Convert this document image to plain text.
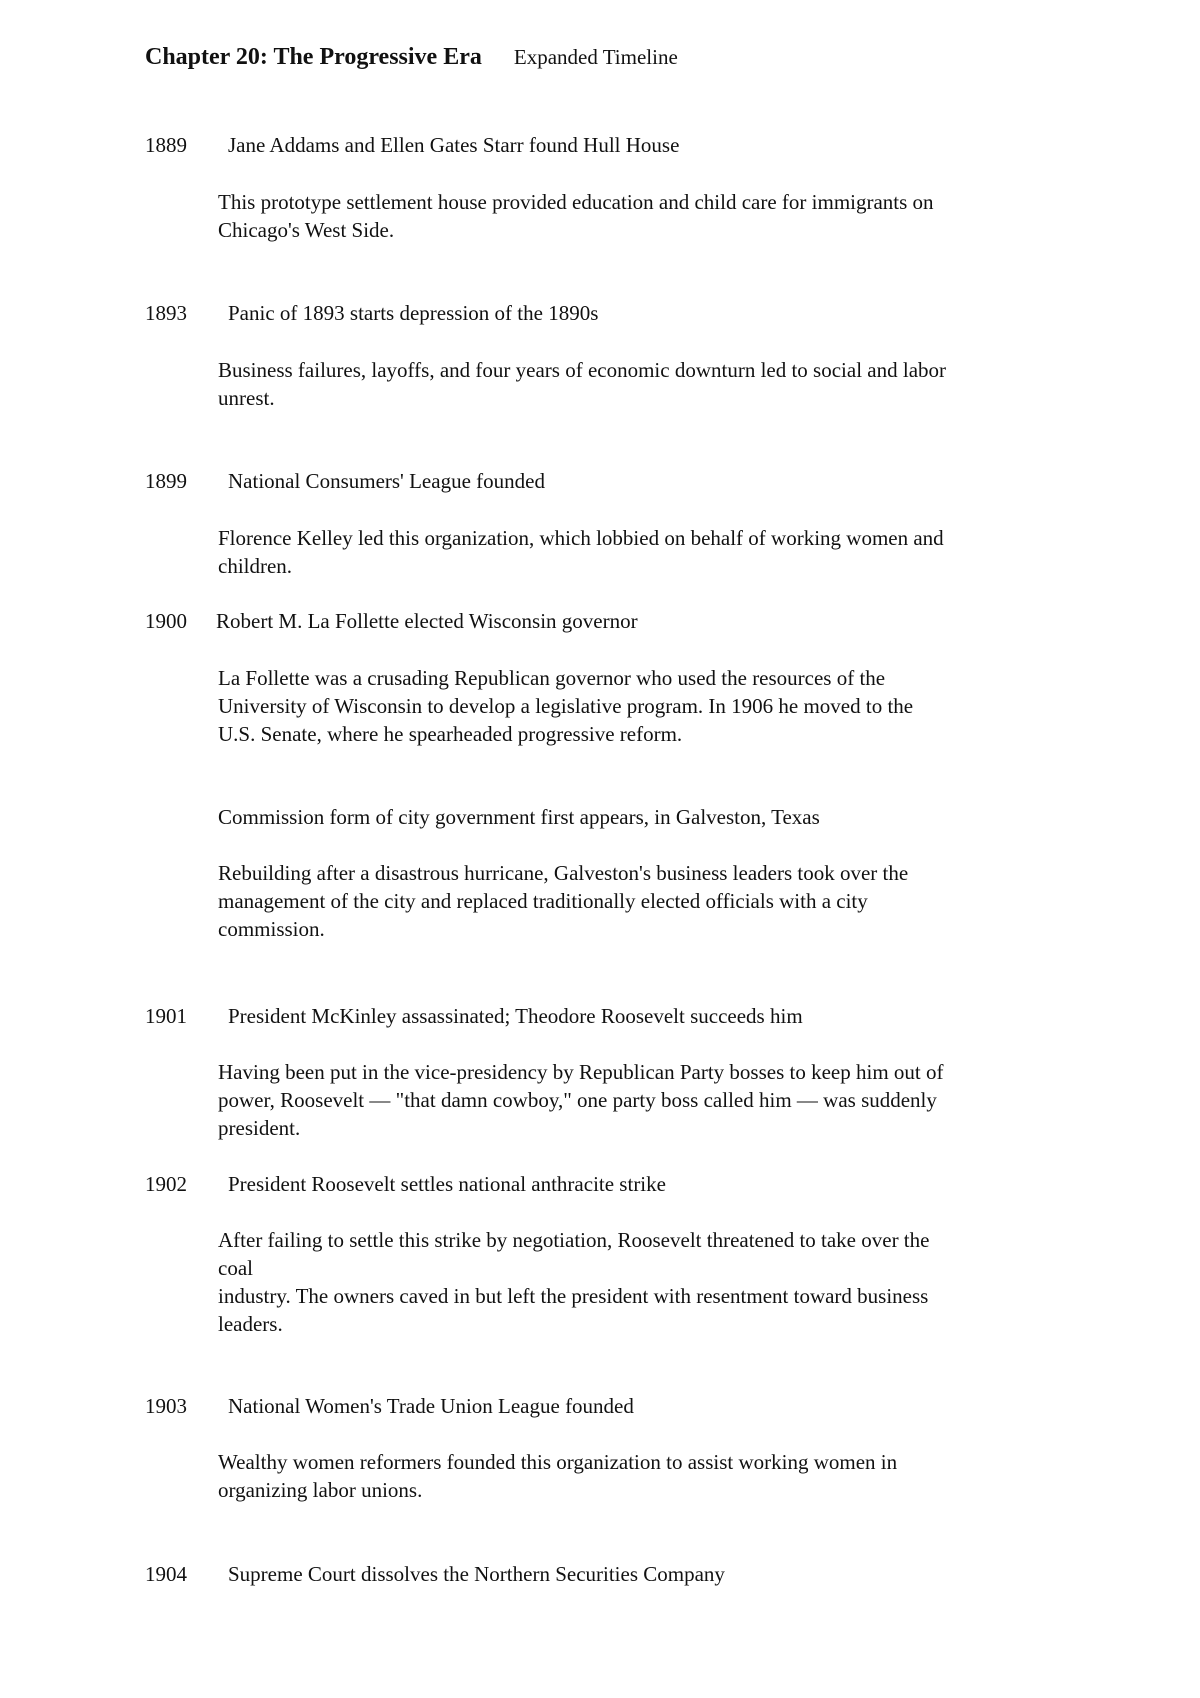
Chapter 20: The Progressive Era Expanded Timeline
1889 Jane Addams and Ellen Gates Starr found Hull House
This prototype settlement house provided education and child care for immigrants on
Chicago's West Side.
1893 Panic of 1893 starts depression of the 1890s
Business failures, layoffs, and four years of economic downturn led to social and labor
unrest.
1899 National Consumers' League founded
Florence Kelley led this organization, which lobbied on behalf of working women and
children.
1900 Robert M. La Follette elected Wisconsin governor
La Follette was a crusading Republican governor who used the resources of the
University of Wisconsin to develop a legislative program. In 1906 he moved to the
U.S. Senate, where he spearheaded progressive reform.
Commission form of city government first appears, in Galveston, Texas
Rebuilding after a disastrous hurricane, Galveston's business leaders took over the
management of the city and replaced traditionally elected officials with a city
commission.
1901 President McKinley assassinated; Theodore Roosevelt succeeds him
Having been put in the vice-presidency by Republican Party bosses to keep him out of
power, Roosevelt — "that damn cowboy," one party boss called him — was suddenly
president.
1902 President Roosevelt settles national anthracite strike
After failing to settle this strike by negotiation, Roosevelt threatened to take over the
coal
industry. The owners caved in but left the president with resentment toward business
leaders.
1903 National Women's Trade Union League founded
Wealthy women reformers founded this organization to assist working women in
organizing labor unions.
1904 Supreme Court dissolves the Northern Securities Company
